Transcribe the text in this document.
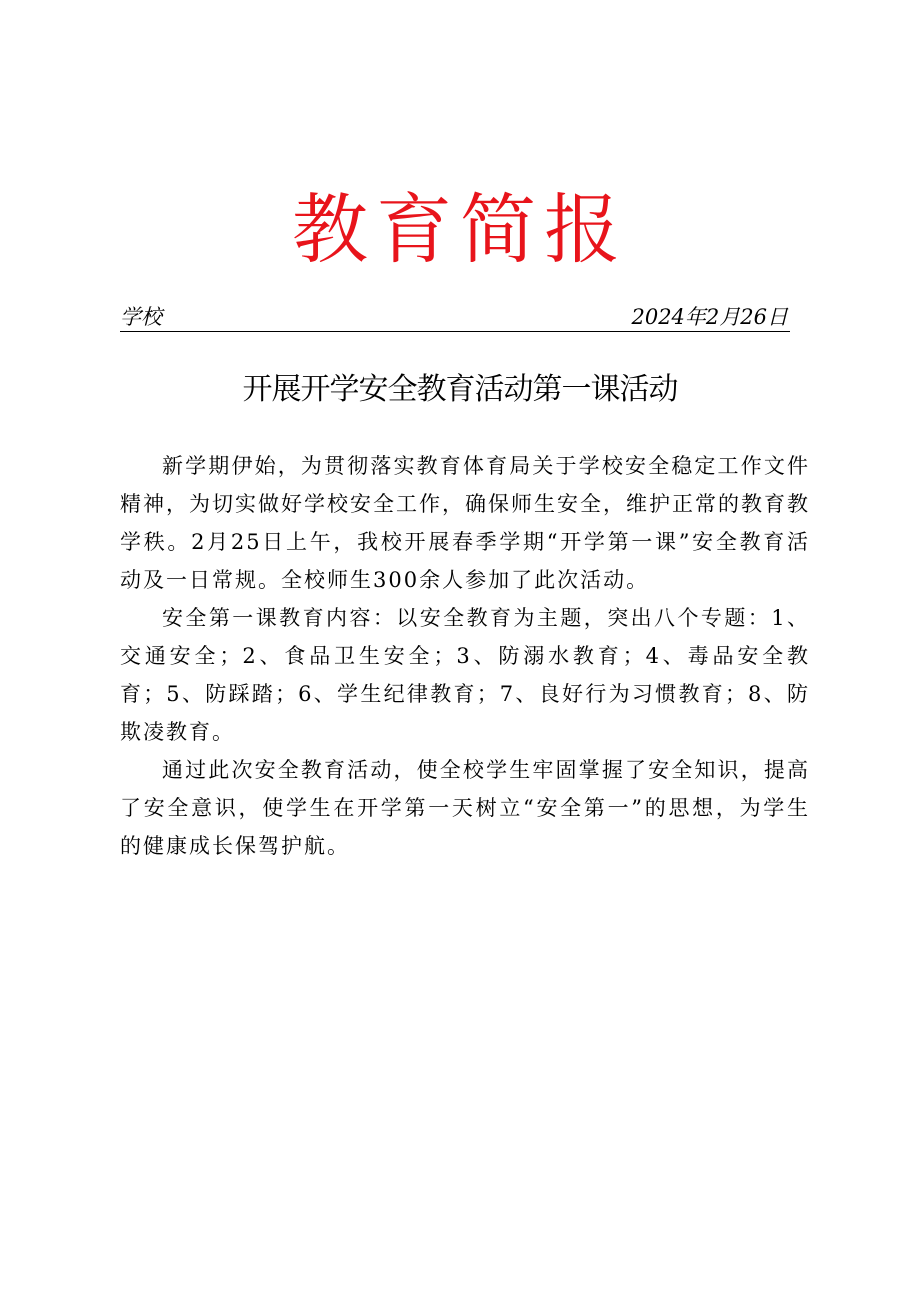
教育简报
学校	2024年2月26日
开展开学安全教育活动第一课活动

新学期伊始，为贯彻落实教育体育局关于学校安全稳定工作文件精神，为切实做好学校安全工作，确保师生安全，维护正常的教育教学秩。2月25日上午，我校开展春季学期“开学第一课”安全教育活动及一日常规。全校师生300余人参加了此次活动。

安全第一课教育内容：以安全教育为主题，突出八个专题：1、交通安全；2、食品卫生安全；3、防溺水教育；4、毒品安全教育；5、防踩踏；6、学生纪律教育；7、良好行为习惯教育；8、防欺凌教育。

通过此次安全教育活动，使全校学生牢固掌握了安全知识，提高了安全意识，使学生在开学第一天树立“安全第一”的思想，为学生的健康成长保驾护航。
